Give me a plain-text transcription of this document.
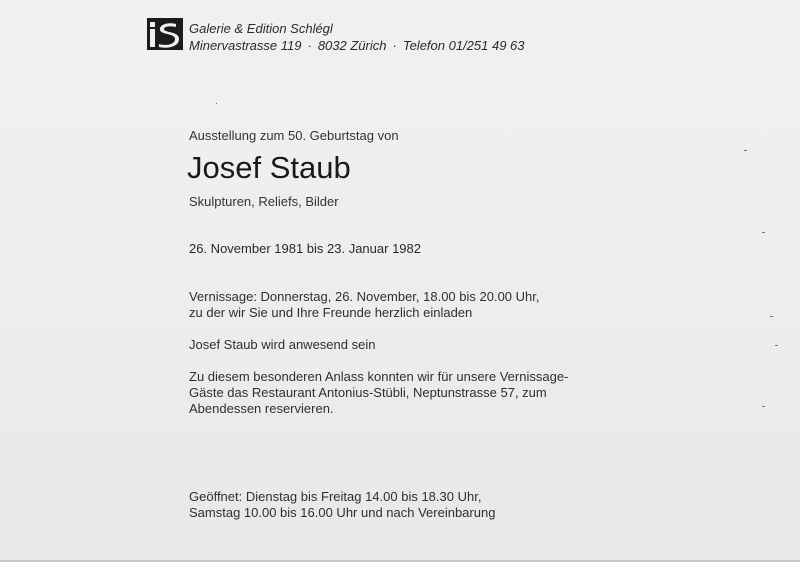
Galerie & Edition Schlégl
Minervastrasse 119 · 8032 Zürich · Telefon 01/251 49 63
Ausstellung zum 50. Geburtstag von
Josef Staub
Skulpturen, Reliefs, Bilder
26. November 1981 bis 23. Januar 1982
Vernissage: Donnerstag, 26. November, 18.00 bis 20.00 Uhr,
zu der wir Sie und Ihre Freunde herzlich einladen
Josef Staub wird anwesend sein
Zu diesem besonderen Anlass konnten wir für unsere Vernissage-
Gäste das Restaurant Antonius-Stübli, Neptunstrasse 57, zum
Abendessen reservieren.
Geöffnet: Dienstag bis Freitag 14.00 bis 18.30 Uhr,
Samstag 10.00 bis 16.00 Uhr und nach Vereinbarung
